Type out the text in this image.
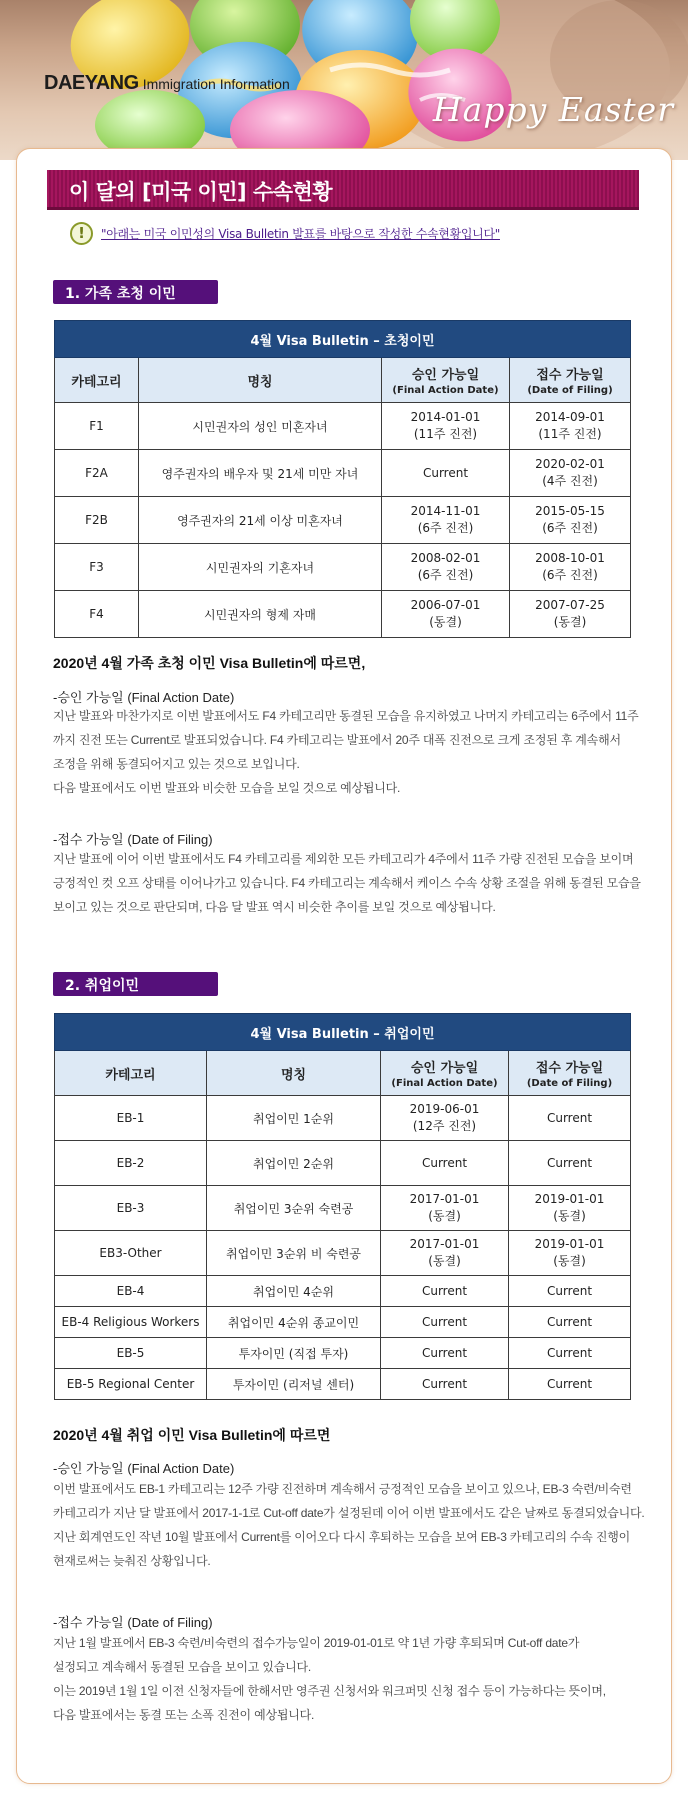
DAEYANG Immigration Information
Happy Easter
이 달의 [미국 이민] 수속현황
!	"아래는 미국 이민성의 Visa Bulletin 발표를 바탕으로 작성한 수속현황입니다"
1. 가족 초청 이민
4월 Visa Bulletin – 초청이민			
카테고리	명칭	승인 가능일
(Final Action Date)	접수 가능일
(Date of Filing)

F1	시민권자의 성인 미혼자녀	2014-01-01
(11주 진전)	2014-09-01
(11주 진전)

F2A	영주권자의 배우자 및 21세 미만 자녀	Current	2020-02-01
(4주 진전)

F2B	영주권자의 21세 이상 미혼자녀	2014-11-01
(6주 진전)	2015-05-15
(6주 진전)

F3	시민권자의 기혼자녀	2008-02-01
(6주 진전)	2008-10-01
(6주 진전)

F4	시민권자의 형제 자매	2006-07-01
(동결)	2007-07-25
(동결)
2020년 4월 가족 초청 이민 Visa Bulletin에 따르면,
-승인 가능일 (Final Action Date)
지난 발표와 마찬가지로 이번 발표에서도 F4 카테고리만 동결된 모습을 유지하였고 나머지 카테고리는 6주에서 11주
까지 진전 또는 Current로 발표되었습니다. F4 카테고리는 발표에서 20주 대폭 진전으로 크게 조정된 후 계속해서
조정을 위해 동결되어지고 있는 것으로 보입니다.
다음 발표에서도 이번 발표와 비슷한 모습을 보일 것으로 예상됩니다.
-접수 가능일 (Date of Filing)
지난 발표에 이어 이번 발표에서도 F4 카테고리를 제외한 모든 카테고리가 4주에서 11주 가량 진전된 모습을 보이며
긍정적인 컷 오프 상태를 이어나가고 있습니다. F4 카테고리는 계속해서 케이스 수속 상황 조절을 위해 동결된 모습을
보이고 있는 것으로 판단되며, 다음 달 발표 역시 비슷한 추이를 보일 것으로 예상됩니다.
2. 취업이민
4월 Visa Bulletin – 취업이민			
카테고리	명칭	승인 가능일
(Final Action Date)	접수 가능일
(Date of Filing)

EB-1	취업이민 1순위	2019-06-01
(12주 진전)	Current

EB-2	취업이민 2순위	Current	Current

EB-3	취업이민 3순위 숙련공	2017-01-01
(동결)	2019-01-01
(동결)

EB3-Other	취업이민 3순위 비 숙련공	2017-01-01
(동결)	2019-01-01
(동결)

EB-4	취업이민 4순위	Current	Current
EB-4 Religious Workers	취업이민 4순위 종교이민	Current	Current
EB-5	투자이민 (직접 투자)	Current	Current
EB-5 Regional Center	투자이민 (리저널 센터)	Current	Current
2020년 4월 취업 이민 Visa Bulletin에 따르면
-승인 가능일 (Final Action Date)
이번 발표에서도 EB-1 카테고리는 12주 가량 진전하며 계속해서 긍정적인 모습을 보이고 있으나, EB-3 숙련/비숙련
카테고리가 지난 달 발표에서 2017-1-1로 Cut-off date가 설정된데 이어 이번 발표에서도 같은 날짜로 동결되었습니다.
지난 회계연도인 작년 10월 발표에서 Current를 이어오다 다시 후퇴하는 모습을 보여 EB-3 카테고리의 수속 진행이
현재로써는 늦춰진 상황입니다.
-접수 가능일 (Date of Filing)
지난 1월 발표에서 EB-3 숙련/비숙련의 접수가능일이 2019-01-01로 약 1년 가량 후퇴되며 Cut-off date가
설정되고 계속해서 동결된 모습을 보이고 있습니다.
이는 2019년 1월 1일 이전 신청자들에 한해서만 영주권 신청서와 워크퍼밋 신청 접수 등이 가능하다는 뜻이며,
다음 발표에서는 동결 또는 소폭 진전이 예상됩니다.
